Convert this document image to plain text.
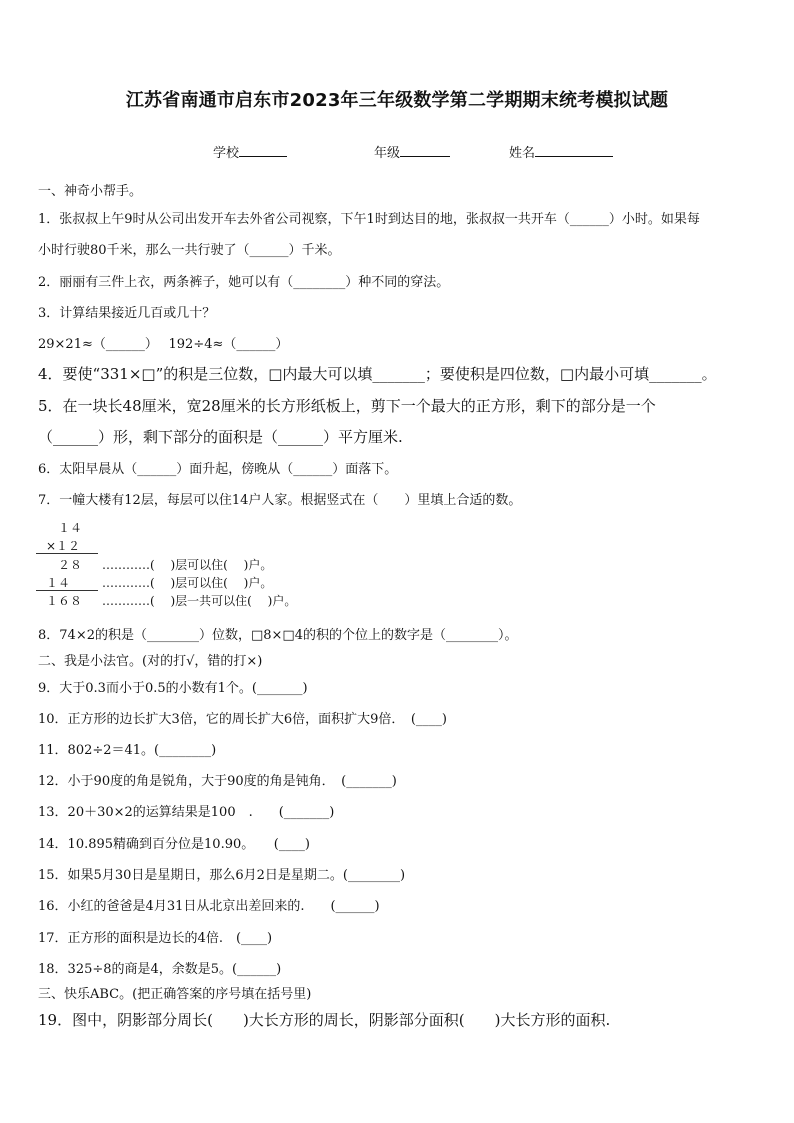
江苏省南通市启东市2023年三年级数学第二学期期末统考模拟试题
学校	年级	姓名
一、神奇小帮手。
1．张叔叔上午9时从公司出发开车去外省公司视察，下午1时到达目的地，张叔叔一共开车（______）小时。如果每
小时行驶80千米，那么一共行驶了（______）千米。
2．丽丽有三件上衣，两条裤子，她可以有（________）种不同的穿法。
3．计算结果接近几百或几十？
29×21≈（______）　 192÷4≈（______）
4．要使“331×□”的积是三位数，□内最大可以填_______；要使积是四位数，□内最小可填_______。
5．在一块长48厘米，宽28厘米的长方形纸板上，剪下一个最大的正方形，剩下的部分是一个
（______）形，剩下部分的面积是（______）平方厘米.
6．太阳早晨从（______）面升起，傍晚从（______）面落下。
7．一幢大楼有12层，每层可以住14户人家。根据竖式在（　　）里填上合适的数。
１４
×１２
２８ …………(　 )层可以住(　 )户。
１４	…………(　 )层可以住(　 )户。
１６８ …………(　 )层一共可以住(　 )户。
8．74×2的积是（________）位数，□8×□4的积的个位上的数字是（________）。
二、我是小法官。(对的打√，错的打×)
9．大于0.3而小于0.5的小数有1个。(_______)
10．正方形的边长扩大3倍，它的周长扩大6倍，面积扩大9倍．　(____)
11．802÷2＝41。(________)
12．小于90度的角是锐角，大于90度的角是钝角．　(_______)
13．20＋30×2的运算结果是100　.　　(_______)
14．10.895精确到百分位是10.90。　　(____)
15．如果5月30日是星期日，那么6月2日是星期二。(________)
16．小红的爸爸是4月31日从北京出差回来的.　　(______)
17．正方形的面积是边长的4倍.　(____)
18．325÷8的商是4，余数是5。(______)
三、快乐ABC。(把正确答案的序号填在括号里)
19．图中，阴影部分周长(　　)大长方形的周长，阴影部分面积(　　)大长方形的面积.
